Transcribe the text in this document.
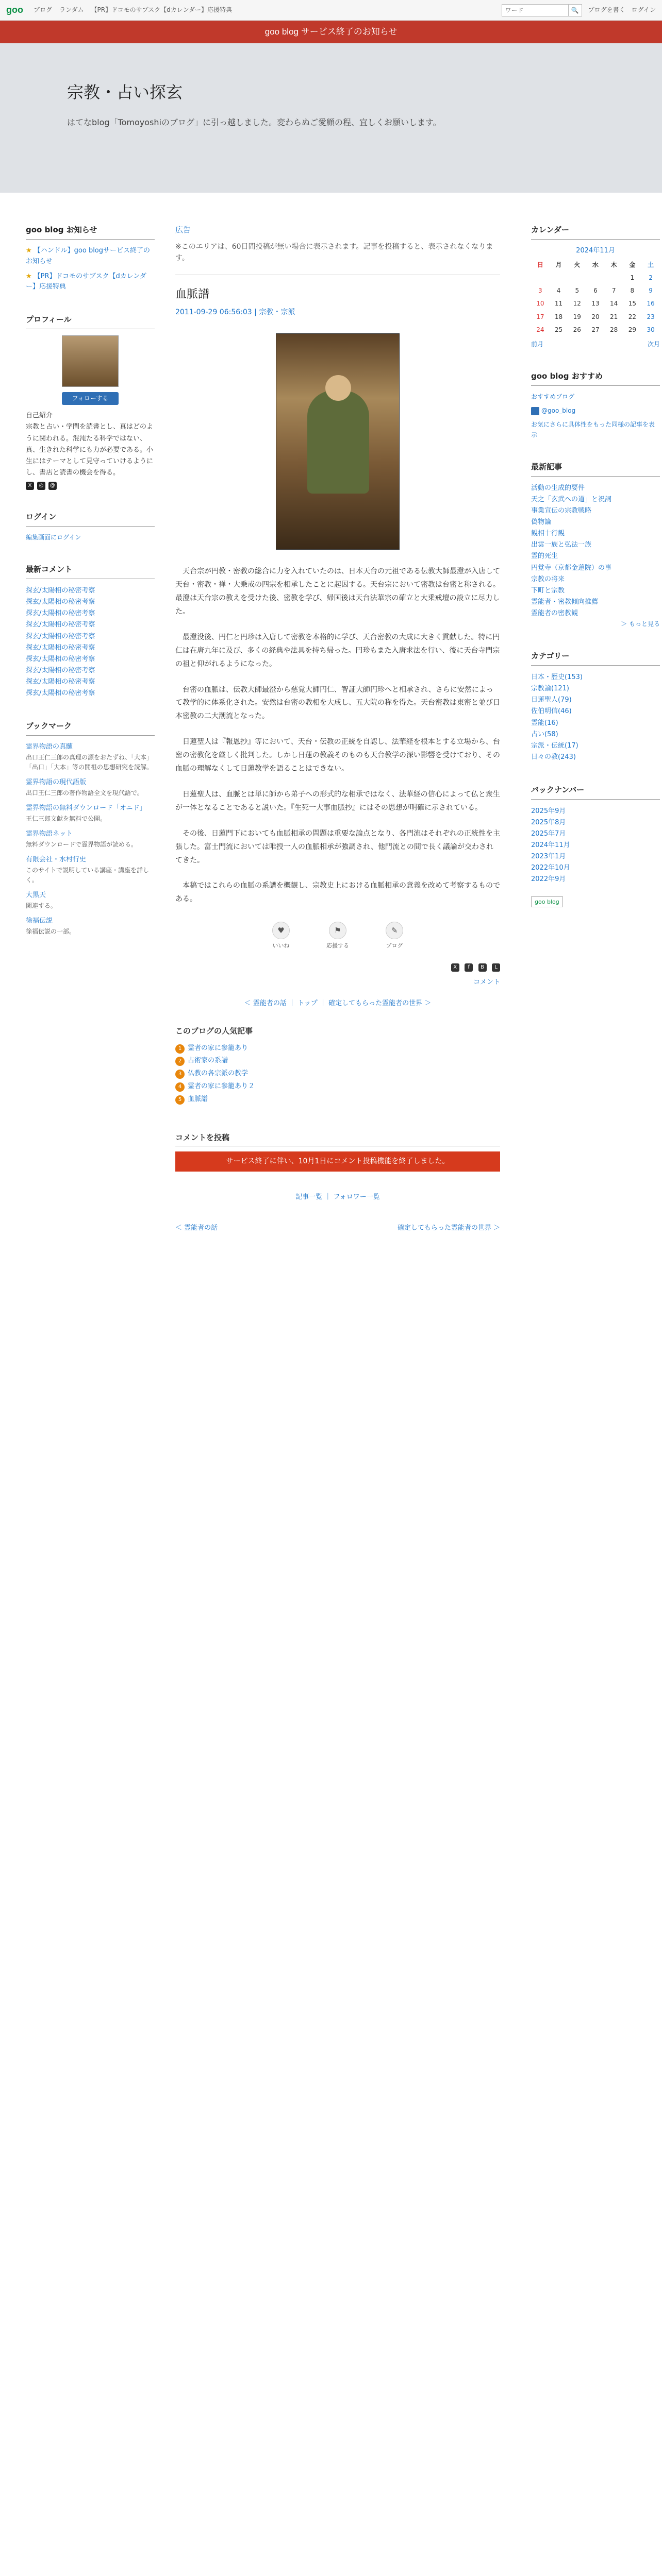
goo ブログ ランダム 【PR】ドコモのサブスク【dカレンダー】応援特典
ワード	🔍	ブログを書く ログイン
goo blog サービス終了のお知らせ
宗教・占い探玄
はてなblog「Tomoyoshiのブログ」に引っ越しました。変わらぬご愛顧の程、宜しくお願いします。
goo blog お知らせ
★ 【ハンドル】goo blogサービス終了のお知らせ
★ 【PR】ドコモのサブスク【dカレンダー】応援特典
プロフィール
フォローする
自己紹介
宗教と占い・学問を読書とし、真はどのように関われる。混沌たる科学ではない、真、生きれた科学にも力が必要である。小生にはテーマとして見守っていけるようにし、書店と読書の機会を得る。
X	◎	@
ログイン
編集画面にログイン
最新コメント
探玄/太陽相の秘密考察
探玄/太陽相の秘密考察
探玄/太陽相の秘密考察
探玄/太陽相の秘密考察
探玄/太陽相の秘密考察
探玄/太陽相の秘密考察
探玄/太陽相の秘密考察
探玄/太陽相の秘密考察
探玄/太陽相の秘密考察
探玄/太陽相の秘密考察
ブックマーク
霊界物語の真髄
出口王仁三郎の真理の源をおたずね、「大本」「出口」「大本」等の開祖の思想研究を読解。
霊界物語の現代語版
出口王仁三郎の著作物語全文を現代語で。
霊界物語の無料ダウンロード「オニド」
王仁三郎文献を無料で公開。
霊界物語ネット
無料ダウンロードで霊界物語が読める。
有限会社・水村行史
このサイトで説明している講座・講座を詳しく。
大黒天
関連する。
徐福伝説
徐福伝説の一部。
広告
※このエリアは、60日間投稿が無い場合に表示されます。記事を投稿すると、表示されなくなります。
血脈譜
2011-09-29 06:56:03 | 宗教・宗派

天台宗が円教・密教の総合に力を入れていたのは、日本天台の元祖である伝教大師最澄が入唐して天台・密教・禅・大乗戒の四宗を相承したことに起因する。天台宗において密教は台密と称される。最澄は天台宗の教えを受けた後、密教を学び、帰国後は天台法華宗の確立と大乗戒壇の設立に尽力した。

最澄没後、円仁と円珍は入唐して密教を本格的に学び、天台密教の大成に大きく貢献した。特に円仁は在唐九年に及び、多くの経典や法具を持ち帰った。円珍もまた入唐求法を行い、後に天台寺門宗の祖と仰がれるようになった。

台密の血脈は、伝教大師最澄から慈覚大師円仁、智証大師円珍へと相承され、さらに安然によって教学的に体系化された。安然は台密の教相を大成し、五大院の称を得た。天台密教は東密と並び日本密教の二大潮流となった。

日蓮聖人は『報恩抄』等において、天台・伝教の正統を自認し、法華経を根本とする立場から、台密の密教化を厳しく批判した。しかし日蓮の教義そのものも天台教学の深い影響を受けており、その血脈の理解なくして日蓮教学を語ることはできない。

日蓮聖人は、血脈とは単に師から弟子への形式的な相承ではなく、法華経の信心によって仏と衆生が一体となることであると説いた。『生死一大事血脈抄』にはその思想が明確に示されている。

その後、日蓮門下においても血脈相承の問題は重要な論点となり、各門流はそれぞれの正統性を主張した。富士門流においては唯授一人の血脈相承が強調され、他門流との間で長く議論が交わされてきた。

本稿ではこれらの血脈の系譜を概観し、宗教史上における血脈相承の意義を改めて考察するものである。

♥
いいね
⚑
応援する
✎
ブログ
X f B L
コメント
＜ 霊能者の話 ｜ トップ ｜ 確定してもらった霊能者の世界 ＞
このブログの人気記事
1 霊者の家に参籠あり
2 占術家の系譜
3 仏教の各宗派の教学
4 霊者の家に参籠あり２
5 血脈譜
コメントを投稿
サービス終了に伴い、10月1日にコメント投稿機能を終了しました。
記事一覧 ｜ フォロワー一覧
＜ 霊能者の話	確定してもらった霊能者の世界 ＞
カレンダー
2024年11月
日	月	火	水	木	金	土
					1	2
3	4	5	6	7	8	9
10	11	12	13	14	15	16
17	18	19	20	21	22	23
24	25	26	27	28	29	30
前月	次月
goo blog おすすめ
おすすめブログ
@goo_blog
お気にさらに具体性をもった同様の記事を表示
最新記事
活動の生成的要件
天之「玄武への道」と祝詞
事業宣伝の宗教戦略
偽物論
観相十行観
出雲一族と弘法一族
霊的死生
円覚寺（京都金蓮院）の事
宗教の将来
下町と宗教
霊能者・密教傾向推薦
霊能者の密教観
＞ もっと見る
カテゴリー
日本・歴史(153)
宗教論(121)
日蓮聖人(79)
佐伯明信(46)
霊能(16)
占い(58)
宗派・伝統(17)
日々の教(243)
バックナンバー
2025年9月
2025年8月
2025年7月
2024年11月
2023年1月
2022年10月
2022年9月
goo blog
